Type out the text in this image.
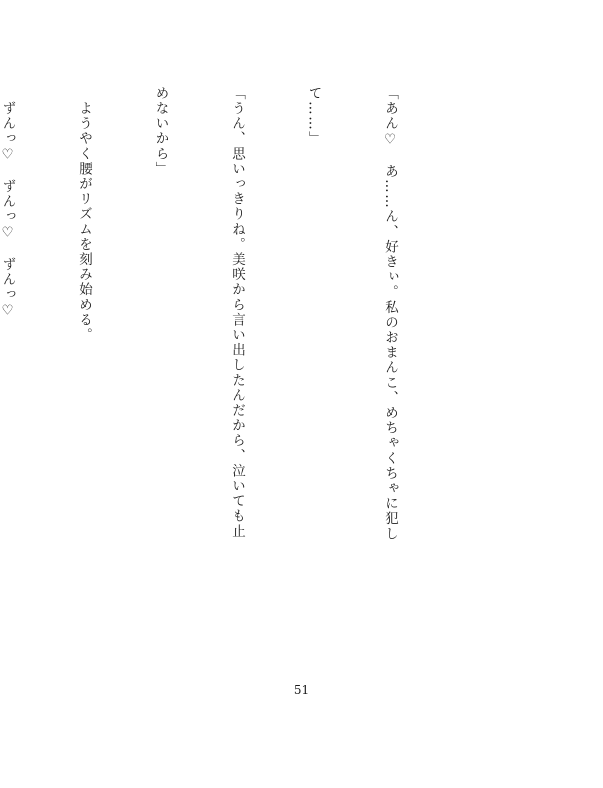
「あん♡　あ……ん、好きぃ。私のおまんこ、めちゃくちゃに犯し

て……」

「うん、思いっきりね。美咲から言い出したんだから、泣いても止

めないから」

　ようやく腰がリズムを刻み始める。

　ずんっ♡　ずんっ♡　ずんっ♡

51
